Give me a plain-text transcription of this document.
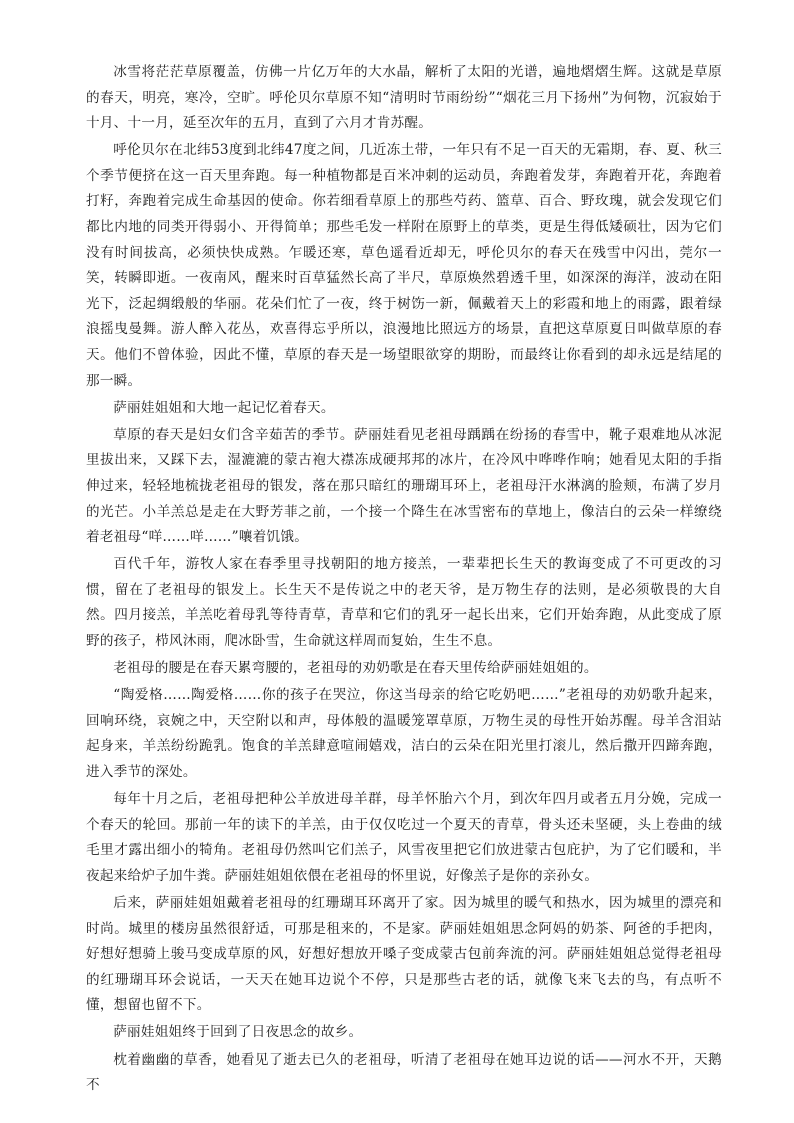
冰雪将茫茫草原覆盖，仿佛一片亿万年的大水晶，解析了太阳的光谱，遍地熠熠生辉。这就是草原的春天，明亮，寒冷，空旷。呼伦贝尔草原不知“清明时节雨纷纷”“烟花三月下扬州”为何物，沉寂始于十月、十一月，延至次年的五月，直到了六月才肯苏醒。

呼伦贝尔在北纬53度到北纬47度之间，几近冻土带，一年只有不足一百天的无霜期，春、夏、秋三个季节便挤在这一百天里奔跑。每一种植物都是百米冲刺的运动员，奔跑着发芽，奔跑着开花，奔跑着打籽，奔跑着完成生命基因的使命。你若细看草原上的那些芍药、篮草、百合、野玫瑰，就会发现它们都比内地的同类开得弱小、开得简单；那些毛发一样附在原野上的草类，更是生得低矮硕壮，因为它们没有时间拔高，必须快快成熟。乍暖还寒，草色遥看近却无，呼伦贝尔的春天在残雪中闪出，莞尔一笑，转瞬即逝。一夜南风，醒来时百草猛然长高了半尺，草原焕然碧透千里，如深深的海洋，波动在阳光下，泛起绸缎般的华丽。花朵们忙了一夜，终于树饬一新，佩戴着天上的彩霞和地上的雨露，跟着绿浪摇曳曼舞。游人醉入花丛，欢喜得忘乎所以，浪漫地比照远方的场景，直把这草原夏日叫做草原的春天。他们不曾体验，因此不懂，草原的春天是一场望眼欲穿的期盼，而最终让你看到的却永远是结尾的那一瞬。

萨丽娃姐姐和大地一起记忆着春天。

草原的春天是妇女们含辛茹苦的季节。萨丽娃看见老祖母踽踽在纷扬的春雪中，靴子艰难地从冰泥里拔出来，又踩下去，湿漉漉的蒙古袍大襟冻成硬邦邦的冰片，在冷风中哗哗作响；她看见太阳的手指伸过来，轻轻地梳拢老祖母的银发，落在那只暗红的珊瑚耳环上，老祖母汗水淋漓的脸颊，布满了岁月的光芒。小羊羔总是走在大野芳菲之前，一个接一个降生在冰雪密布的草地上，像洁白的云朵一样缭绕着老祖母“咩……咩……”嚷着饥饿。

百代千年，游牧人家在春季里寻找朝阳的地方接羔，一辈辈把长生天的教诲变成了不可更改的习惯，留在了老祖母的银发上。长生天不是传说之中的老天爷，是万物生存的法则，是必须敬畏的大自然。四月接羔，羊羔吃着母乳等待青草，青草和它们的乳牙一起长出来，它们开始奔跑，从此变成了原野的孩子，栉风沐雨，爬冰卧雪，生命就这样周而复始，生生不息。

老祖母的腰是在春天累弯腰的，老祖母的劝奶歌是在春天里传给萨丽娃姐姐的。

“陶爱格……陶爱格……你的孩子在哭泣，你这当母亲的给它吃奶吧……”老祖母的劝奶歌升起来，回响环绕，哀婉之中，天空附以和声，母体般的温暖笼罩草原，万物生灵的母性开始苏醒。母羊含泪站起身来，羊羔纷纷跪乳。饱食的羊羔肆意喧闹嬉戏，洁白的云朵在阳光里打滚儿，然后撒开四蹄奔跑，进入季节的深处。

每年十月之后，老祖母把种公羊放进母羊群，母羊怀胎六个月，到次年四月或者五月分娩，完成一个春天的轮回。那前一年的读下的羊羔，由于仅仅吃过一个夏天的青草，骨头还未坚硬，头上卷曲的绒毛里才露出细小的犄角。老祖母仍然叫它们羔子，风雪夜里把它们放进蒙古包庇护，为了它们暖和，半夜起来给炉子加牛粪。萨丽娃姐姐依偎在老祖母的怀里说，好像羔子是你的亲孙女。

后来，萨丽娃姐姐戴着老祖母的红珊瑚耳环离开了家。因为城里的暖气和热水，因为城里的漂亮和时尚。城里的楼房虽然很舒适，可那是租来的，不是家。萨丽娃姐姐思念阿妈的奶茶、阿爸的手把肉，好想好想骑上骏马变成草原的风，好想好想放开嗓子变成蒙古包前奔流的河。萨丽娃姐姐总觉得老祖母的红珊瑚耳环会说话，一天天在她耳边说个不停，只是那些古老的话，就像飞来飞去的鸟，有点听不懂，想留也留不下。

萨丽娃姐姐终于回到了日夜思念的故乡。

枕着幽幽的草香，她看见了逝去已久的老祖母，听清了老祖母在她耳边说的话——河水不开，天鹅不
